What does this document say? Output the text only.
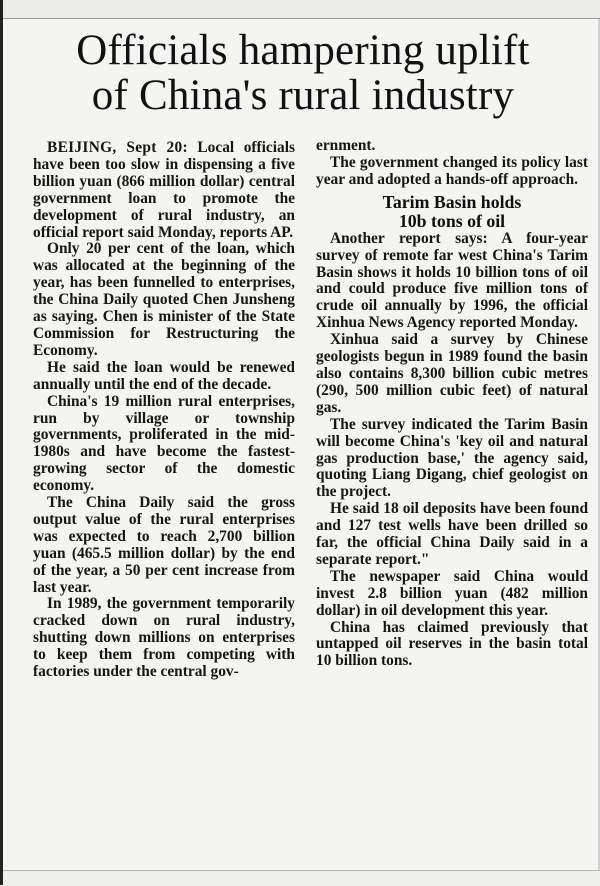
Officials hampering uplift
of China's rural industry

BEIJING, Sept 20: Local officials have been too slow in dispensing a five billion yuan (866 million dollar) central government loan to promote the development of rural industry, an official report said Monday, reports AP.

Only 20 per cent of the loan, which was allocated at the beginning of the year, has been funnelled to enterprises, the China Daily quoted Chen Junsheng as saying. Chen is minister of the State Commission for Restructuring the Economy.

He said the loan would be renewed annually until the end of the decade.

China's 19 million rural enterprises, run by village or township governments, proliferated in the mid-1980s and have become the fastest-growing sector of the domestic economy.

The China Daily said the gross output value of the rural enterprises was expected to reach 2,700 billion yuan (465.5 million dollar) by the end of the year, a 50 per cent increase from last year.

In 1989, the government temporarily cracked down on rural industry, shutting down millions on enterprises to keep them from competing with factories under the central gov-

ernment.

The government changed its policy last year and adopted a hands-off approach.

Tarim Basin holds
10b tons of oil

Another report says: A four-year survey of remote far west China's Tarim Basin shows it holds 10 billion tons of oil and could produce five million tons of crude oil annually by 1996, the official Xinhua News Agency reported Monday.

Xinhua said a survey by Chinese geologists begun in 1989 found the basin also contains 8,300 billion cubic metres (290, 500 million cubic feet) of natural gas.

The survey indicated the Tarim Basin will become China's 'key oil and natural gas production base,' the agency said, quoting Liang Digang, chief geologist on the project.

He said 18 oil deposits have been found and 127 test wells have been drilled so far, the official China Daily said in a separate report."

The newspaper said China would invest 2.8 billion yuan (482 million dollar) in oil development this year.

China has claimed previously that untapped oil reserves in the basin total 10 billion tons.
